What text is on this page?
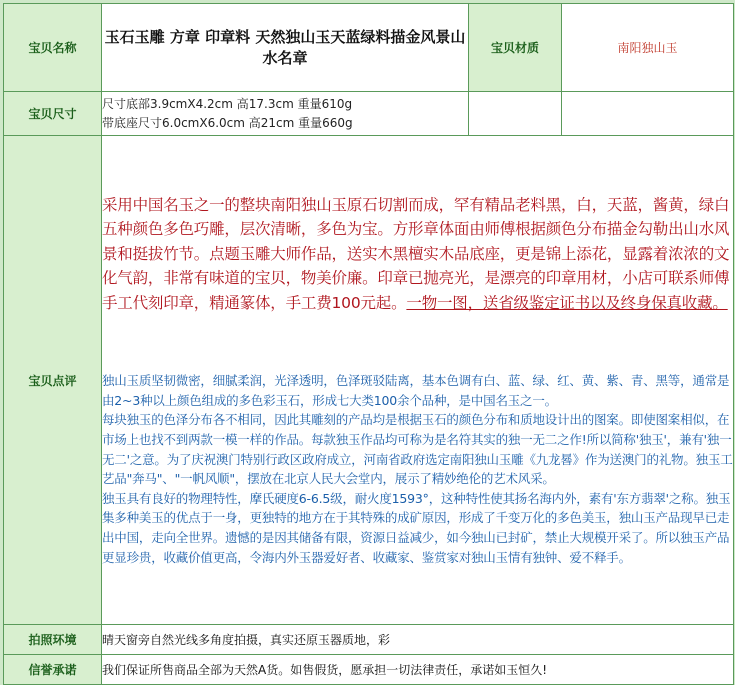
宝贝名称	玉石玉雕 方章 印章料 天然独山玉天蓝绿料描金风景山水名章	宝贝材质	南阳独山玉
宝贝尺寸	尺寸底部3.9cmX4.2cm 高17.3cm 重量610g
带底座尺寸6.0cmX6.0cm 高21cm 重量660g		

宝贝点评	采用中国名玉之一的整块南阳独山玉原石切割而成，罕有精品老料黑，白，天蓝，酱黄，绿白五种颜色多色巧雕，层次清晰，多色为宝。方形章体面由师傅根据颜色分布描金勾勒出山水风景和挺拔竹节。点题玉雕大师作品，送实木黑檀实木品底座，更是锦上添花，显露着浓浓的文化气韵，非常有味道的宝贝，物美价廉。印章已抛亮光，是漂亮的印章用材，小店可联系师傅手工代刻印章，精通篆体，手工费100元起。一物一图，送省级鉴定证书以及终身保真收藏。

独山玉质坚韧微密，细腻柔润，光泽透明，色泽斑驳陆离，基本色调有白、蓝、绿、红、黄、紫、青、黑等，通常是由2~3种以上颜色组成的多色彩玉石，形成七大类100余个品种，是中国名玉之一。

每块独玉的色泽分布各不相同，因此其雕刻的产品均是根据玉石的颜色分布和质地设计出的图案。即使图案相似，在市场上也找不到两款一模一样的作品。每款独玉作品均可称为是名符其实的独一无二之作!所以简称'独玉'，兼有'独一无二'之意。为了庆祝澳门特别行政区政府成立，河南省政府选定南阳独山玉雕《九龙晷》作为送澳门的礼物。独玉工艺品"奔马"、"一帆风顺"，摆放在北京人民大会堂内，展示了精妙绝伦的艺术风采。

独玉具有良好的物理特性，摩氏硬度6-6.5级，耐火度1593°，这种特性使其扬名海内外，素有'东方翡翠'之称。独玉集多种美玉的优点于一身，更独特的地方在于其特殊的成矿原因，形成了千变万化的多色美玉，独山玉产品现早已走出中国，走向全世界。遗憾的是因其储备有限，资源日益减少，如今独山已封矿，禁止大规模开采了。所以独玉产品更显珍贵，收藏价值更高，令海内外玉器爱好者、收藏家、鉴赏家对独山玉情有独钟、爱不释手。		

拍照环境	晴天窗旁自然光线多角度拍摄，真实还原玉器质地，彩		
信誉承诺	我们保证所售商品全部为天然A货。如售假货，愿承担一切法律责任，承诺如玉恒久!		
